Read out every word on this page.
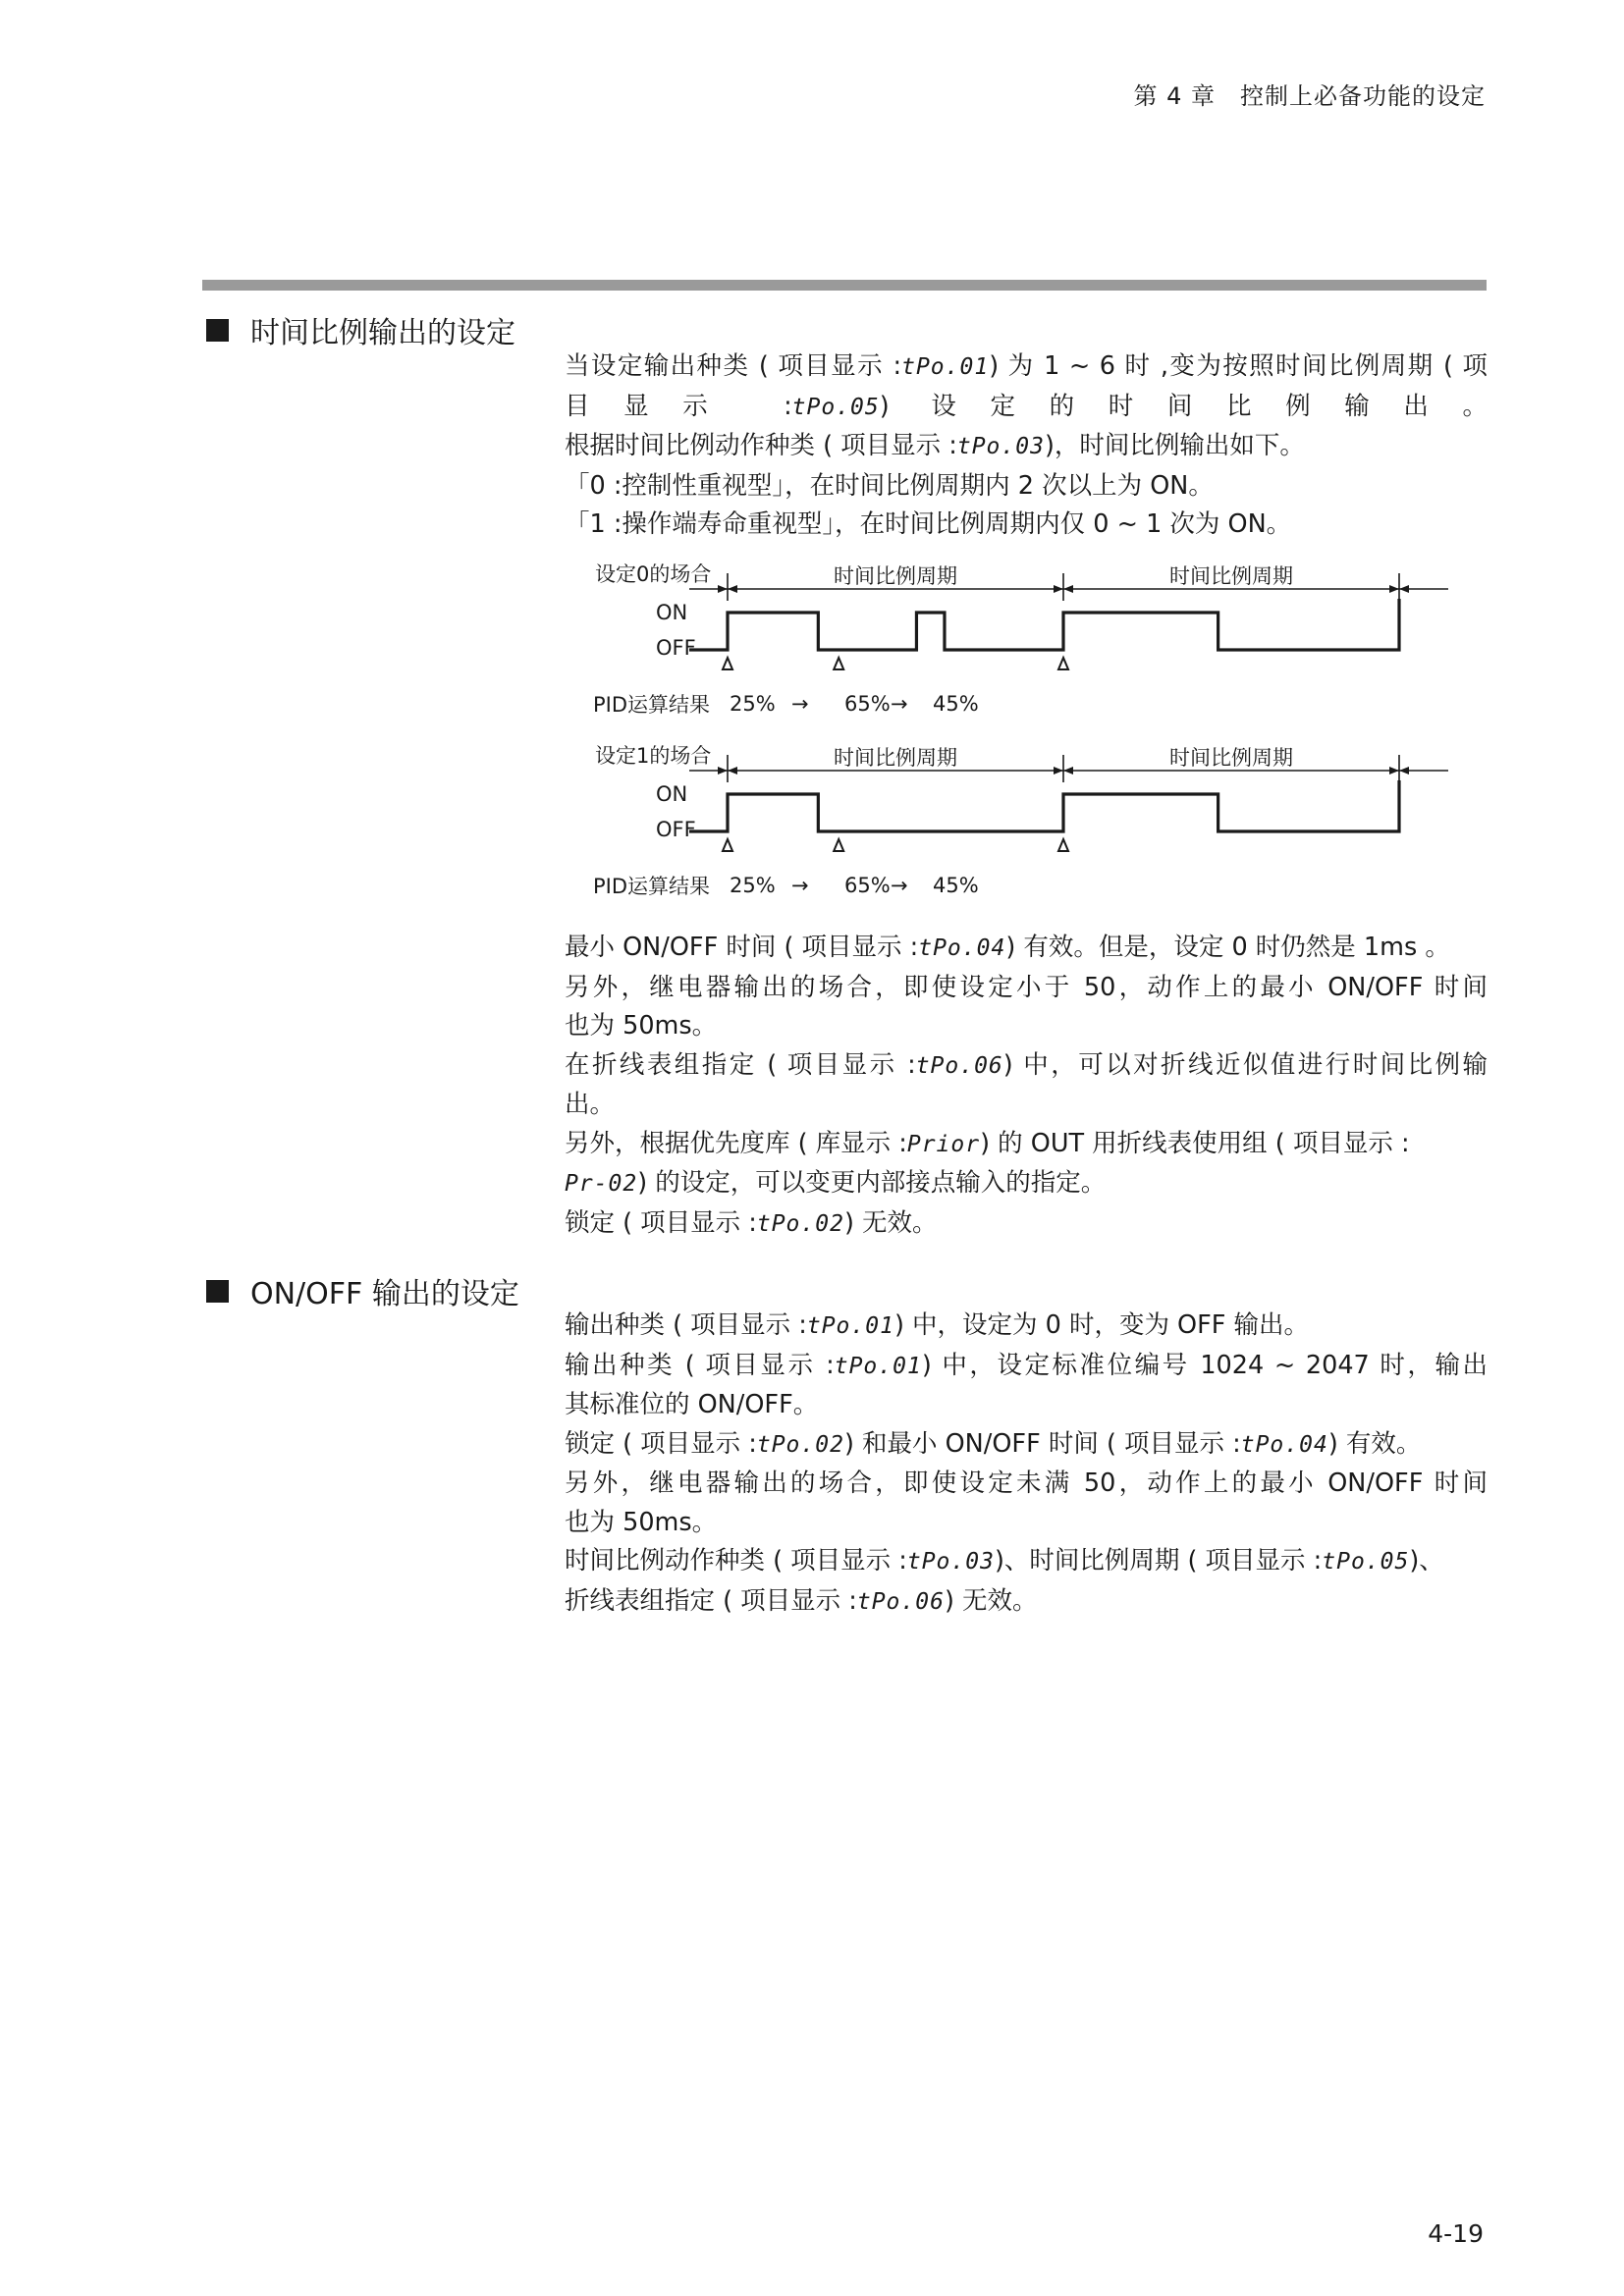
第 4 章　控制上必备功能的设定
时间比例输出的设定

当设定输出种类 ( 项目显示 :tPo.01) 为 1 ~ 6 时 ,变为按照时间比例周期 ( 项

目显示 :tPo.05) 设定的时间比例输出。

根据时间比例动作种类 ( 项目显示 :tPo.03)，时间比例输出如下。

「0 :控制性重视型」，在时间比例周期内 2 次以上为 ON。

「1 :操作端寿命重视型」，在时间比例周期内仅 0 ~ 1 次为 ON。

设定0的场合
ON
OFF
PID运算结果
时间比例周期	时间比例周期
25%	65% 45%
→	→
设定1的场合
ON
OFF
PID运算结果
时间比例周期	时间比例周期
25%	65% 45%
→	→

最小 ON/OFF 时间 ( 项目显示 :tPo.04) 有效。但是，设定 0 时仍然是 1ms 。

另外，继电器输出的场合，即使设定小于 50，动作上的最小 ON/OFF 时间

也为 50ms。

在折线表组指定 ( 项目显示 :tPo.06) 中，可以对折线近似值进行时间比例输

出。

另外，根据优先度库 ( 库显示 :Prior) 的 OUT 用折线表使用组 ( 项目显示 :

Pr-02) 的设定，可以变更内部接点输入的指定。

锁定 ( 项目显示 :tPo.02) 无效。

ON/OFF 输出的设定

输出种类 ( 项目显示 :tPo.01) 中，设定为 0 时，变为 OFF 输出。

输出种类 ( 项目显示 :tPo.01) 中，设定标准位编号 1024 ~ 2047 时，输出

其标准位的 ON/OFF。

锁定 ( 项目显示 :tPo.02) 和最小 ON/OFF 时间 ( 项目显示 :tPo.04) 有效。

另外，继电器输出的场合，即使设定未满 50，动作上的最小 ON/OFF 时间

也为 50ms。

时间比例动作种类 ( 项目显示 :tPo.03)、时间比例周期 ( 项目显示 :tPo.05)、

折线表组指定 ( 项目显示 :tPo.06) 无效。

4-19
